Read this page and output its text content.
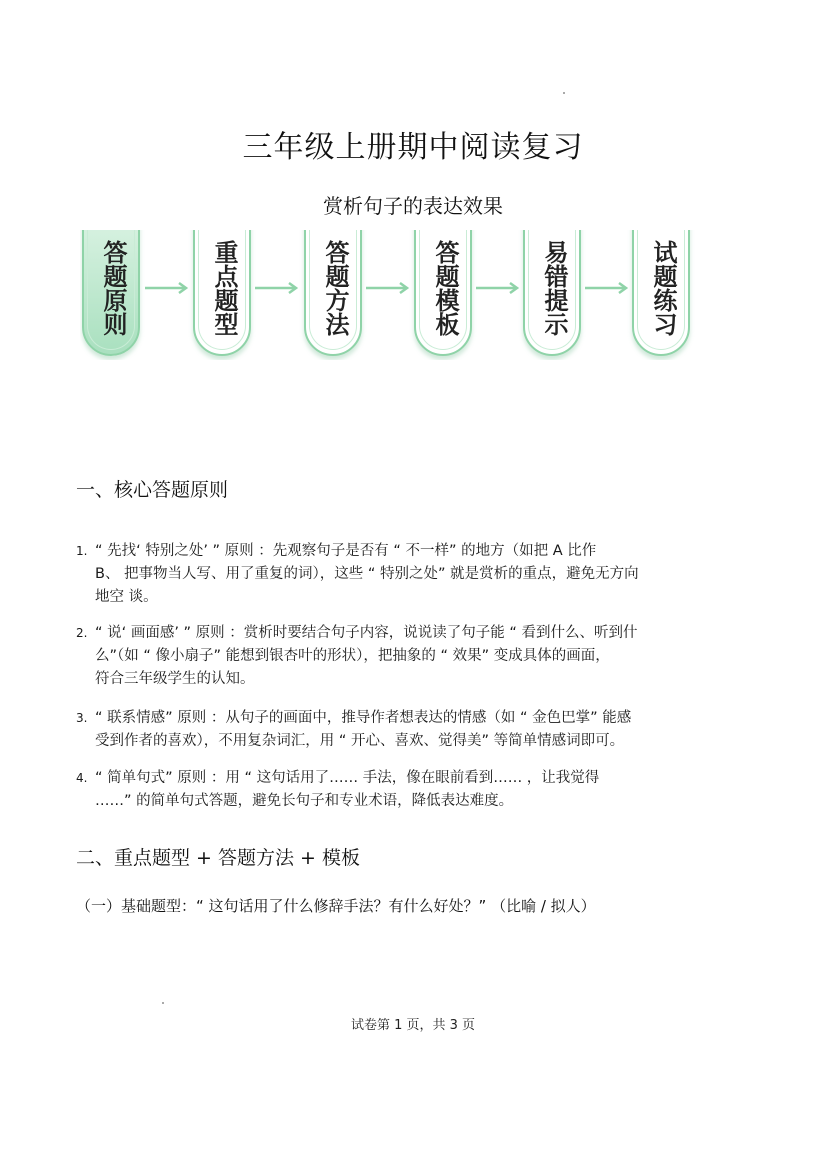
三年级上册期中阅读复习
赏析句子的表达效果
答题原则	重点题型	答题方法	答题模板	易错提示	试题练习
一、核心答题原则
1. “ 先找‘ 特别之处’ ” 原则 ：先观察句子是否有 “ 不一样” 的地方（如把 A 比作
B、 把事物当人写、用了重复的词），这些 “ 特别之处” 就是赏析的重点，避免无方向
地空 谈。
2. “ 说‘ 画面感’ ” 原则 ：赏析时要结合句子内容，说说读了句子能 “ 看到什么、听到什
么”（如 “ 像小扇子” 能想到银杏叶的形状），把抽象的 “ 效果” 变成具体的画面，
符合三年级学生的认知。
3. “ 联系情感” 原则 ：从句子的画面中，推导作者想表达的情感（如 “ 金色巴掌” 能感
受到作者的喜欢），不用复杂词汇，用 “ 开心、喜欢、觉得美” 等简单情感词即可。
4. “ 简单句式” 原则 ：用 “ 这句话用了…… 手法，像在眼前看到…… ，让我觉得
……” 的简单句式答题，避免长句子和专业术语，降低表达难度。
二、重点题型 + 答题方法 + 模板
（一）基础题型：“ 这句话用了什么修辞手法？有什么好处？” （比喻 / 拟人）
试卷第 1 页，共 3 页
